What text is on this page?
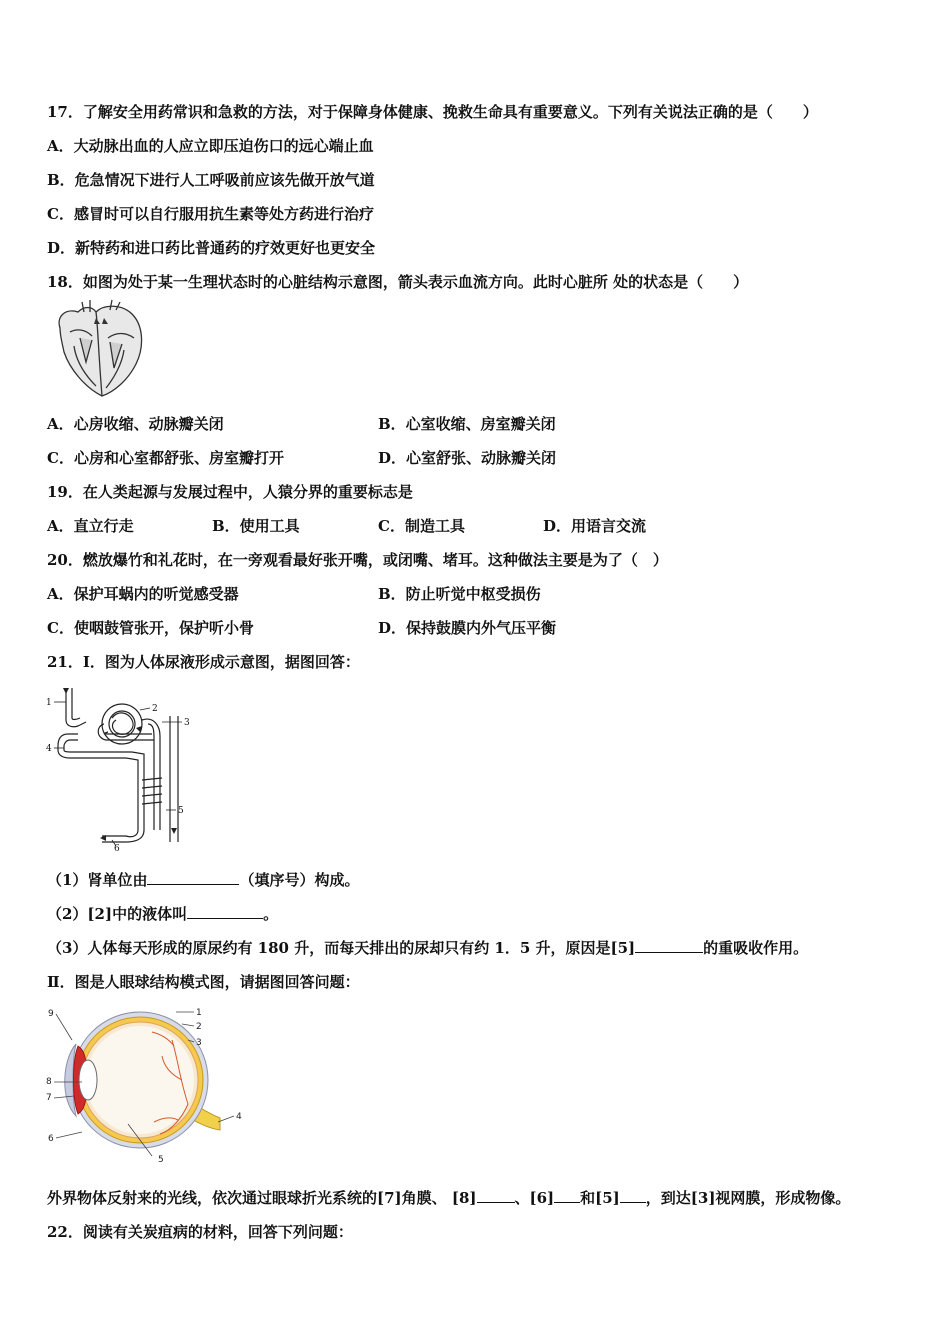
17．了解安全用药常识和急救的方法，对于保障身体健康、挽救生命具有重要意义。下列有关说法正确的是（　　）
A．大动脉出血的人应立即压迫伤口的远心端止血
B．危急情况下进行人工呼吸前应该先做开放气道
C．感冒时可以自行服用抗生素等处方药进行治疗
D．新特药和进口药比普通药的疗效更好也更安全
18．如图为处于某一生理状态时的心脏结构示意图，箭头表示血流方向。此时心脏所 处的状态是（　　）
A．心房收缩、动脉瓣关闭	B．心室收缩、房室瓣关闭
C．心房和心室都舒张、房室瓣打开	D．心室舒张、动脉瓣关闭
19．在人类起源与发展过程中，人猿分界的重要标志是
A．直立行走	B．使用工具	C．制造工具	D．用语言交流
20．燃放爆竹和礼花时，在一旁观看最好张开嘴，或闭嘴、堵耳。这种做法主要是为了（　）
A．保护耳蜗内的听觉感受器	B．防止听觉中枢受损伤
C．使咽鼓管张开，保护听小骨	D．保持鼓膜内外气压平衡
21．Ⅰ．图为人体尿液形成示意图，据图回答：
1
2
3
4
5
6
（1）肾单位由	（填序号）构成。
（2）[2]中的液体叫	。
（3）人体每天形成的原尿约有 180 升，而每天排出的尿却只有约 1．5 升，原因是[5]	的重吸收作用。
Ⅱ．图是人眼球结构模式图，请据图回答问题：
1
2
3
4
5
6
7
8
9
外界物体反射来的光线，依次通过眼球折光系统的[7]角膜、 [8]	、[6] 和[5] ，到达[3]视网膜，形成物像。
22．阅读有关炭疽病的材料，回答下列问题：
